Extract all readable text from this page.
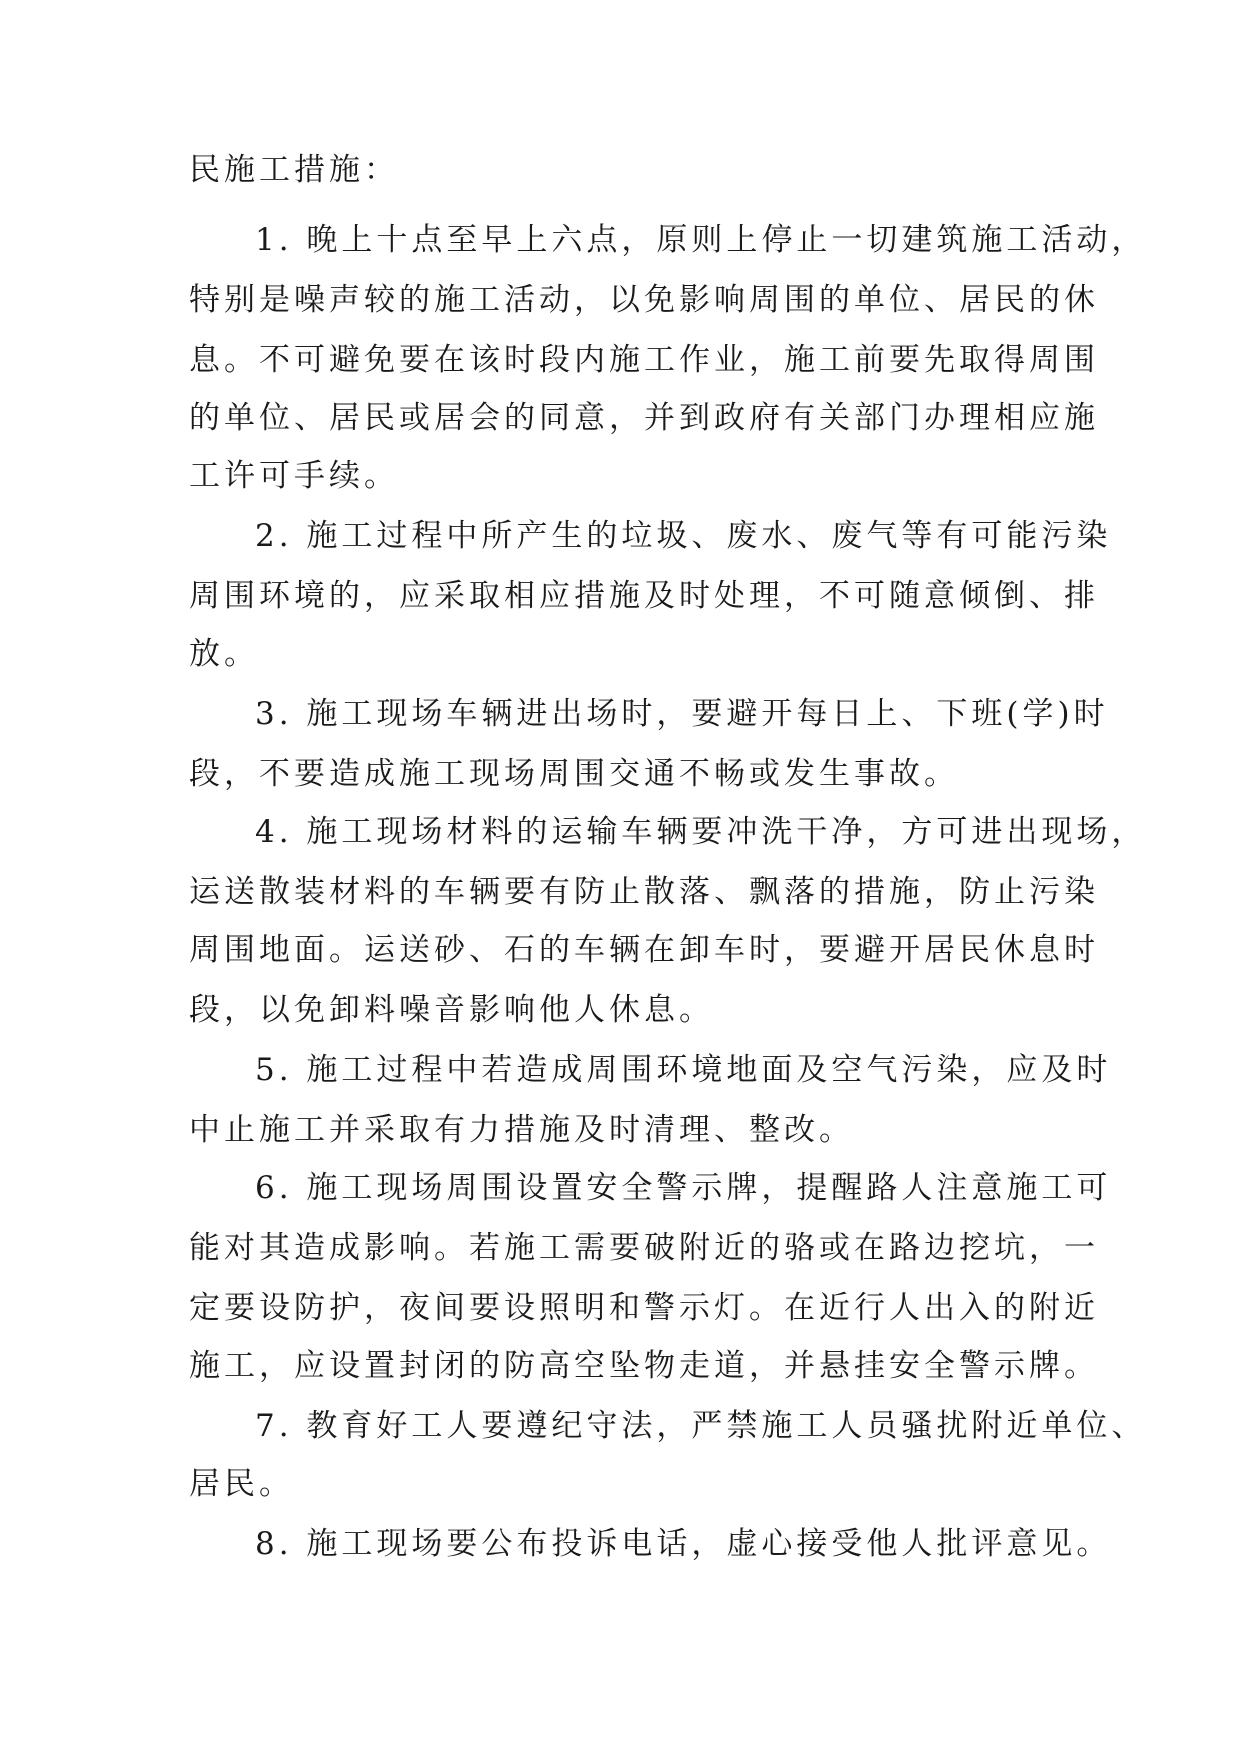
民施工措施：
1. 晚上十点至早上六点，原则上停止一切建筑施工活动，
特别是噪声较的施工活动，以免影响周围的单位、居民的休
息。不可避免要在该时段内施工作业，施工前要先取得周围
的单位、居民或居会的同意，并到政府有关部门办理相应施
工许可手续。
2. 施工过程中所产生的垃圾、废水、废气等有可能污染
周围环境的，应采取相应措施及时处理，不可随意倾倒、排
放。
3. 施工现场车辆进出场时，要避开每日上、下班(学)时
段，不要造成施工现场周围交通不畅或发生事故。
4. 施工现场材料的运输车辆要冲洗干净，方可进出现场，
运送散装材料的车辆要有防止散落、飘落的措施，防止污染
周围地面。运送砂、石的车辆在卸车时，要避开居民休息时
段，以免卸料噪音影响他人休息。
5. 施工过程中若造成周围环境地面及空气污染，应及时
中止施工并采取有力措施及时清理、整改。
6. 施工现场周围设置安全警示牌，提醒路人注意施工可
能对其造成影响。若施工需要破附近的骆或在路边挖坑，一
定要设防护，夜间要设照明和警示灯。在近行人出入的附近
施工，应设置封闭的防高空坠物走道，并悬挂安全警示牌。
7. 教育好工人要遵纪守法，严禁施工人员骚扰附近单位、
居民。
8. 施工现场要公布投诉电话，虚心接受他人批评意见。
